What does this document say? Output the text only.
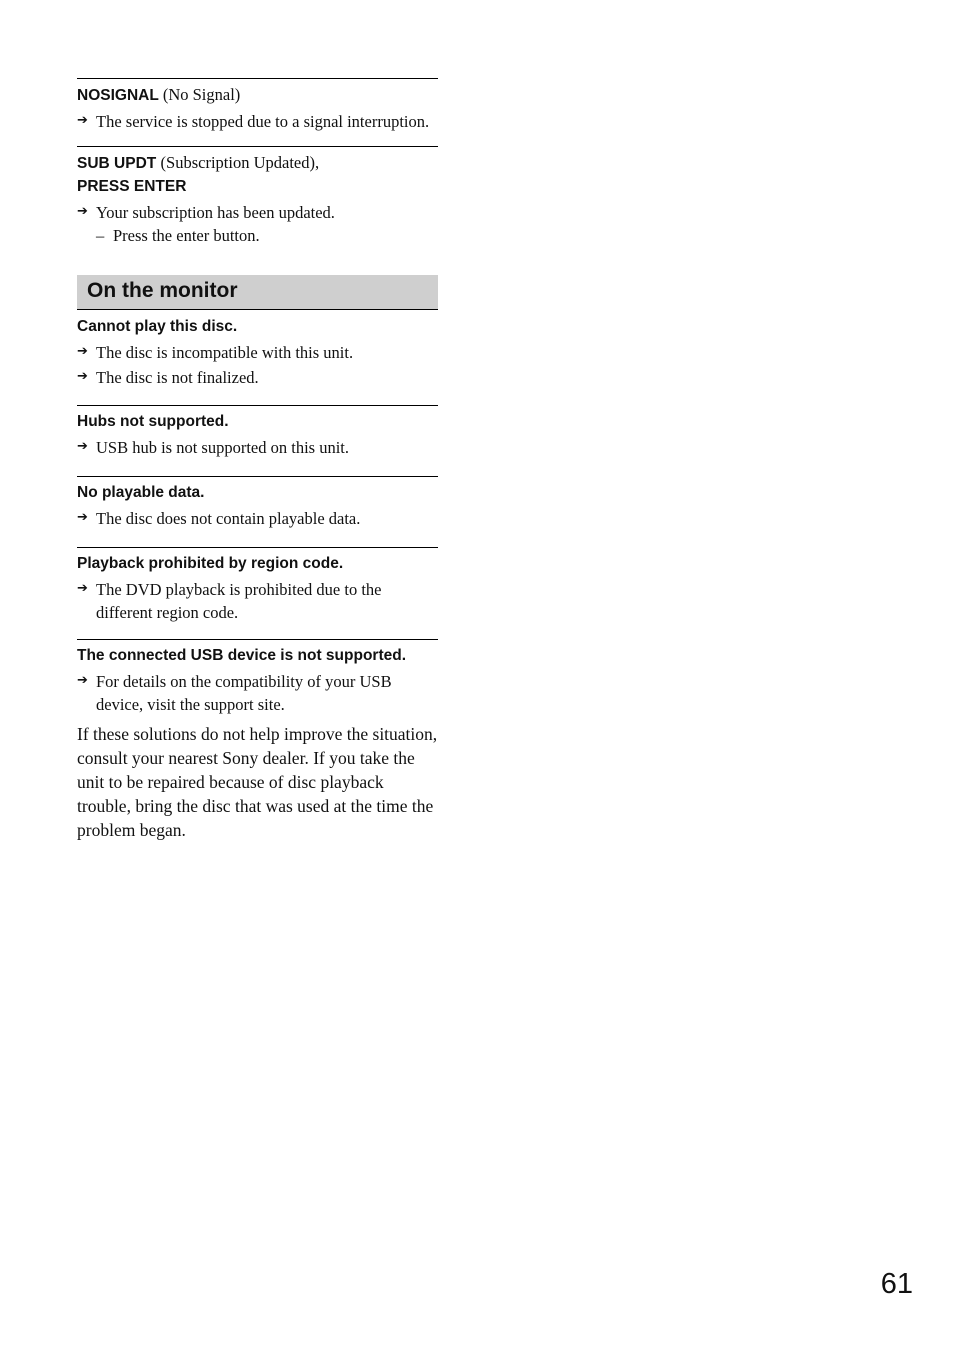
NOSIGNAL (No Signal)
➔ The service is stopped due to a signal interruption.
SUB UPDT (Subscription Updated),
PRESS ENTER
➔ Your subscription has been updated.
– Press the enter button.
On the monitor
Cannot play this disc.
➔ The disc is incompatible with this unit.
➔ The disc is not finalized.
Hubs not supported.
➔ USB hub is not supported on this unit.
No playable data.
➔ The disc does not contain playable data.
Playback prohibited by region code.
➔ The DVD playback is prohibited due to the different region code.
The connected USB device is not supported.
➔ For details on the compatibility of your USB device, visit the support site.
If these solutions do not help improve the situation, consult your nearest Sony dealer. If you take the unit to be repaired because of disc playback trouble, bring the disc that was used at the time the problem began.
61
